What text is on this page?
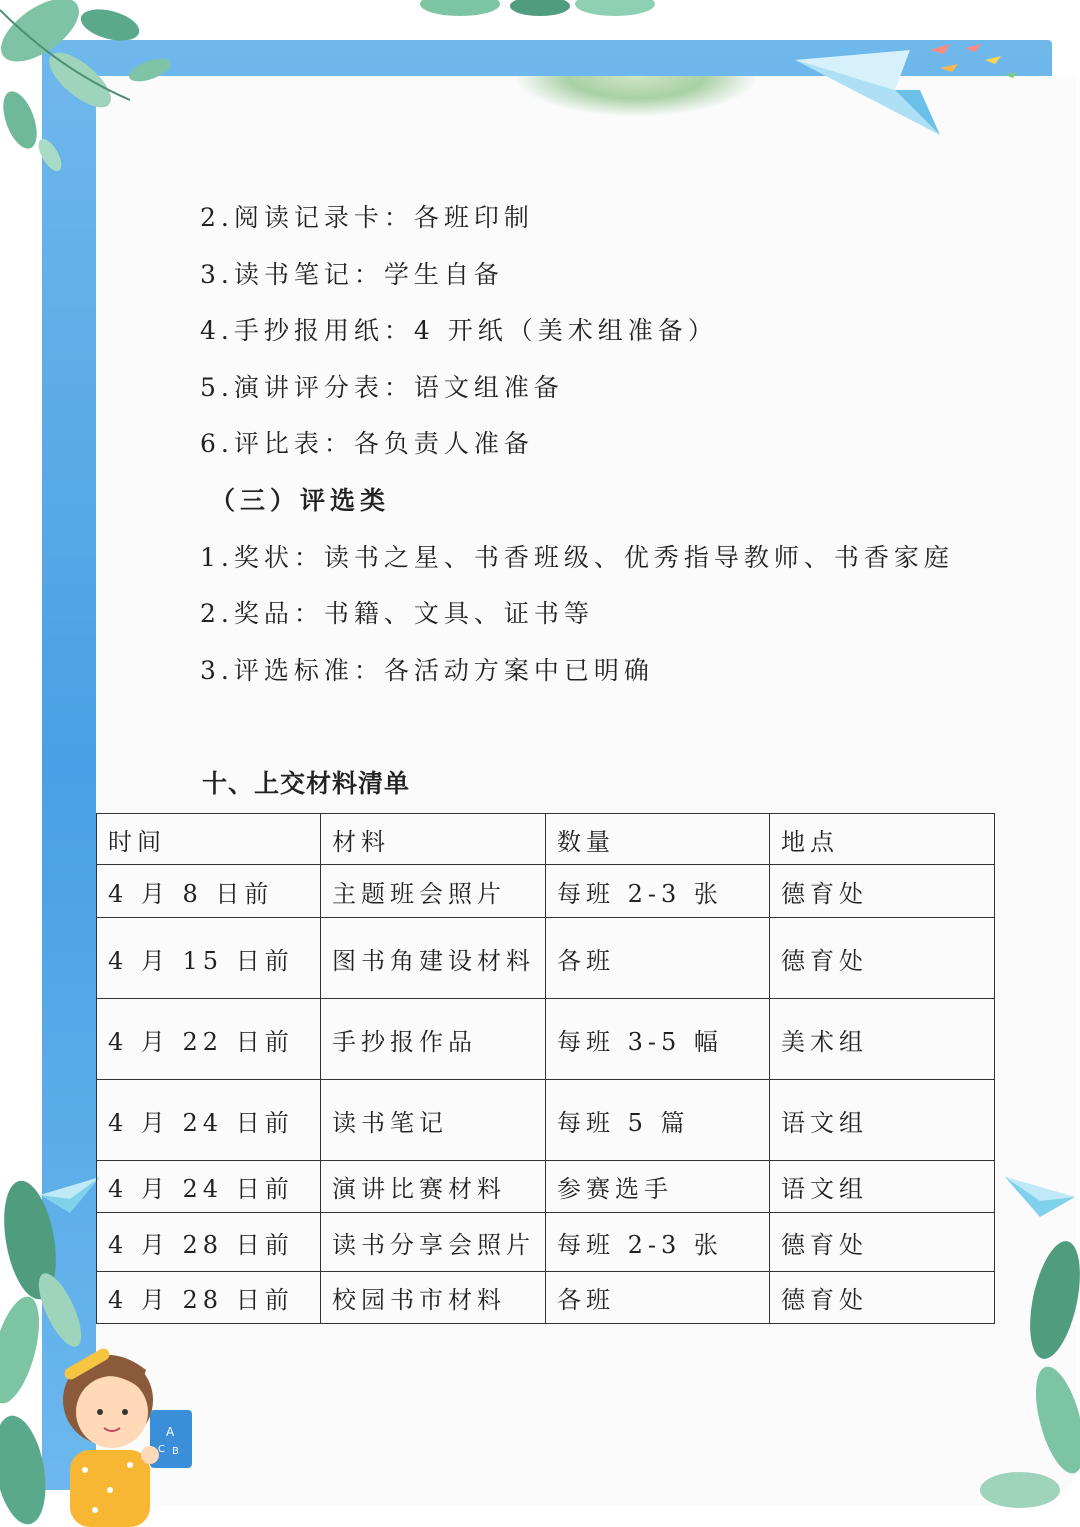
A
C B
2.阅读记录卡：各班印制
3.读书笔记：学生自备
4.手抄报用纸：4 开纸（美术组准备）
5.演讲评分表：语文组准备
6.评比表：各负责人准备
（三）评选类
1.奖状：读书之星、书香班级、优秀指导教师、书香家庭
2.奖品：书籍、文具、证书等
3.评选标准：各活动方案中已明确
十、上交材料清单
时间	材料	数量	地点
4 月 8 日前	主题班会照片	每班 2-3 张	德育处
4 月 15 日前	图书角建设材料	各班	德育处
4 月 22 日前	手抄报作品	每班 3-5 幅	美术组
4 月 24 日前	读书笔记	每班 5 篇	语文组
4 月 24 日前	演讲比赛材料	参赛选手	语文组
4 月 28 日前	读书分享会照片	每班 2-3 张	德育处
4 月 28 日前	校园书市材料	各班	德育处
